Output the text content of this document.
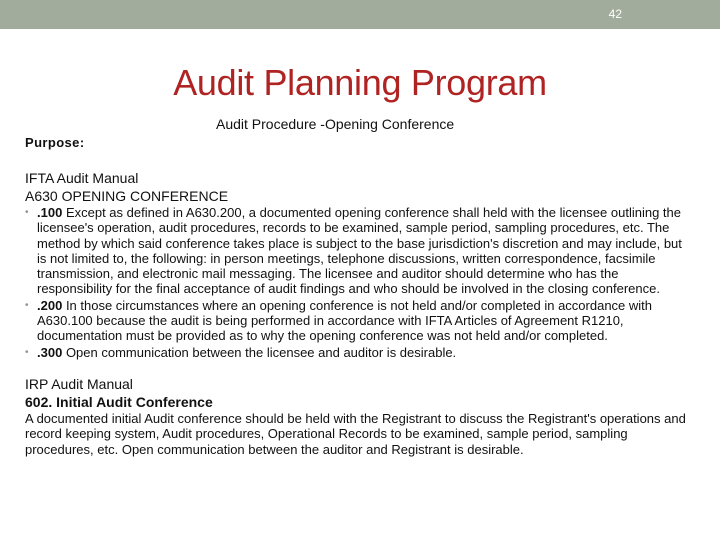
42
Audit Planning Program
Audit Procedure -Opening Conference
Purpose:

IFTA Audit Manual

A630 OPENING CONFERENCE

• .100 Except as defined in A630.200, a documented opening conference shall held with the licensee outlining the licensee's operation, audit procedures, records to be examined, sample period, sampling procedures, etc. The method by which said conference takes place is subject to the base jurisdiction's discretion and may include, but is not limited to, the following: in person meetings, telephone discussions, written correspondence, facsimile transmission, and electronic mail messaging. The licensee and auditor should determine who has the responsibility for the final acceptance of audit findings and who should be involved in the closing conference.
• .200 In those circumstances where an opening conference is not held and/or completed in accordance with A630.100 because the audit is being performed in accordance with IFTA Articles of Agreement R1210, documentation must be provided as to why the opening conference was not held and/or completed.
• .300 Open communication between the licensee and auditor is desirable.

IRP Audit Manual

602. Initial Audit Conference

A documented initial Audit conference should be held with the Registrant to discuss the Registrant's operations and record keeping system, Audit procedures, Operational Records to be examined, sample period, sampling procedures, etc. Open communication between the auditor and Registrant is desirable.
